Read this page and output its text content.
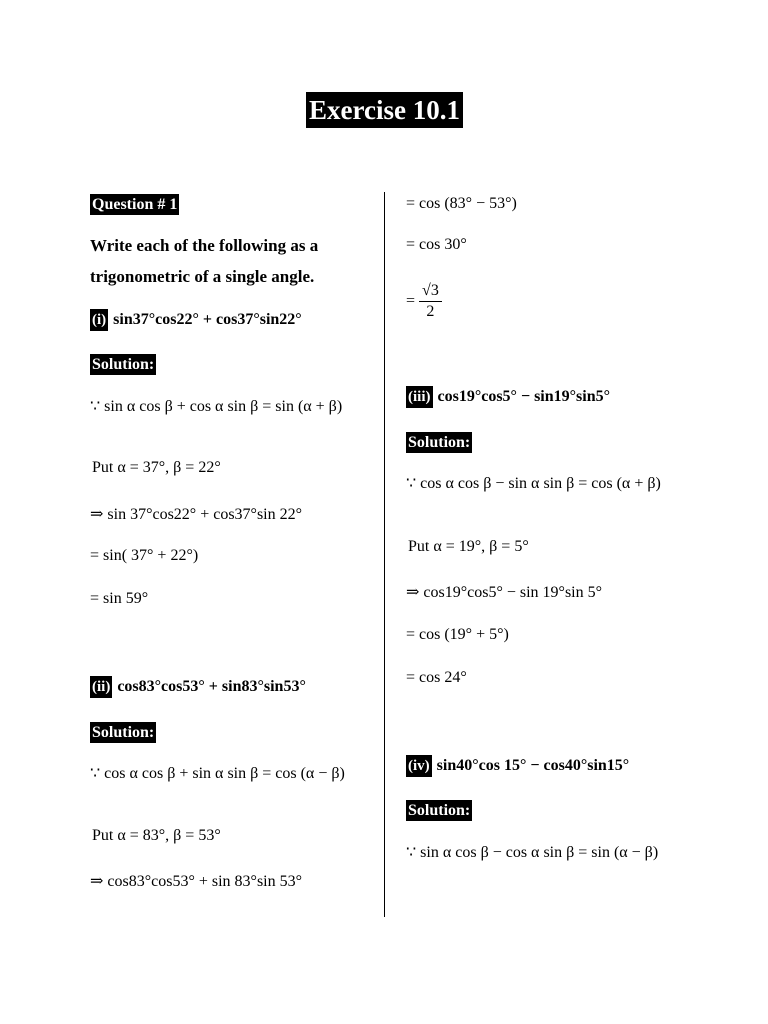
Exercise 10.1
Question # 1
Write each of the following as a
trigonometric of a single angle.
(i) sin37°cos22° + cos37°sin22°
Solution:
∵ sin α cos β + cos α sin β = sin (α + β)
Put α = 37°, β = 22°
⇒ sin 37°cos22° + cos37°sin 22°
= sin( 37° + 22°)
= sin 59°
(ii) cos83°cos53° + sin83°sin53°
Solution:
∵ cos α cos β + sin α sin β = cos (α − β)
Put α = 83°, β = 53°
⇒ cos83°cos53° + sin 83°sin 53°
= cos (83° − 53°)
= cos 30°
= $\frac{√3}{2}$
(iii) cos19°cos5° − sin19°sin5°
Solution:
∵ cos α cos β − sin α sin β = cos (α + β)
Put α = 19°, β = 5°
⇒ cos19°cos5° − sin 19°sin 5°
= cos (19° + 5°)
= cos 24°
(iv) sin40°cos 15° − cos40°sin15°
Solution:
∵ sin α cos β − cos α sin β = sin (α − β)
